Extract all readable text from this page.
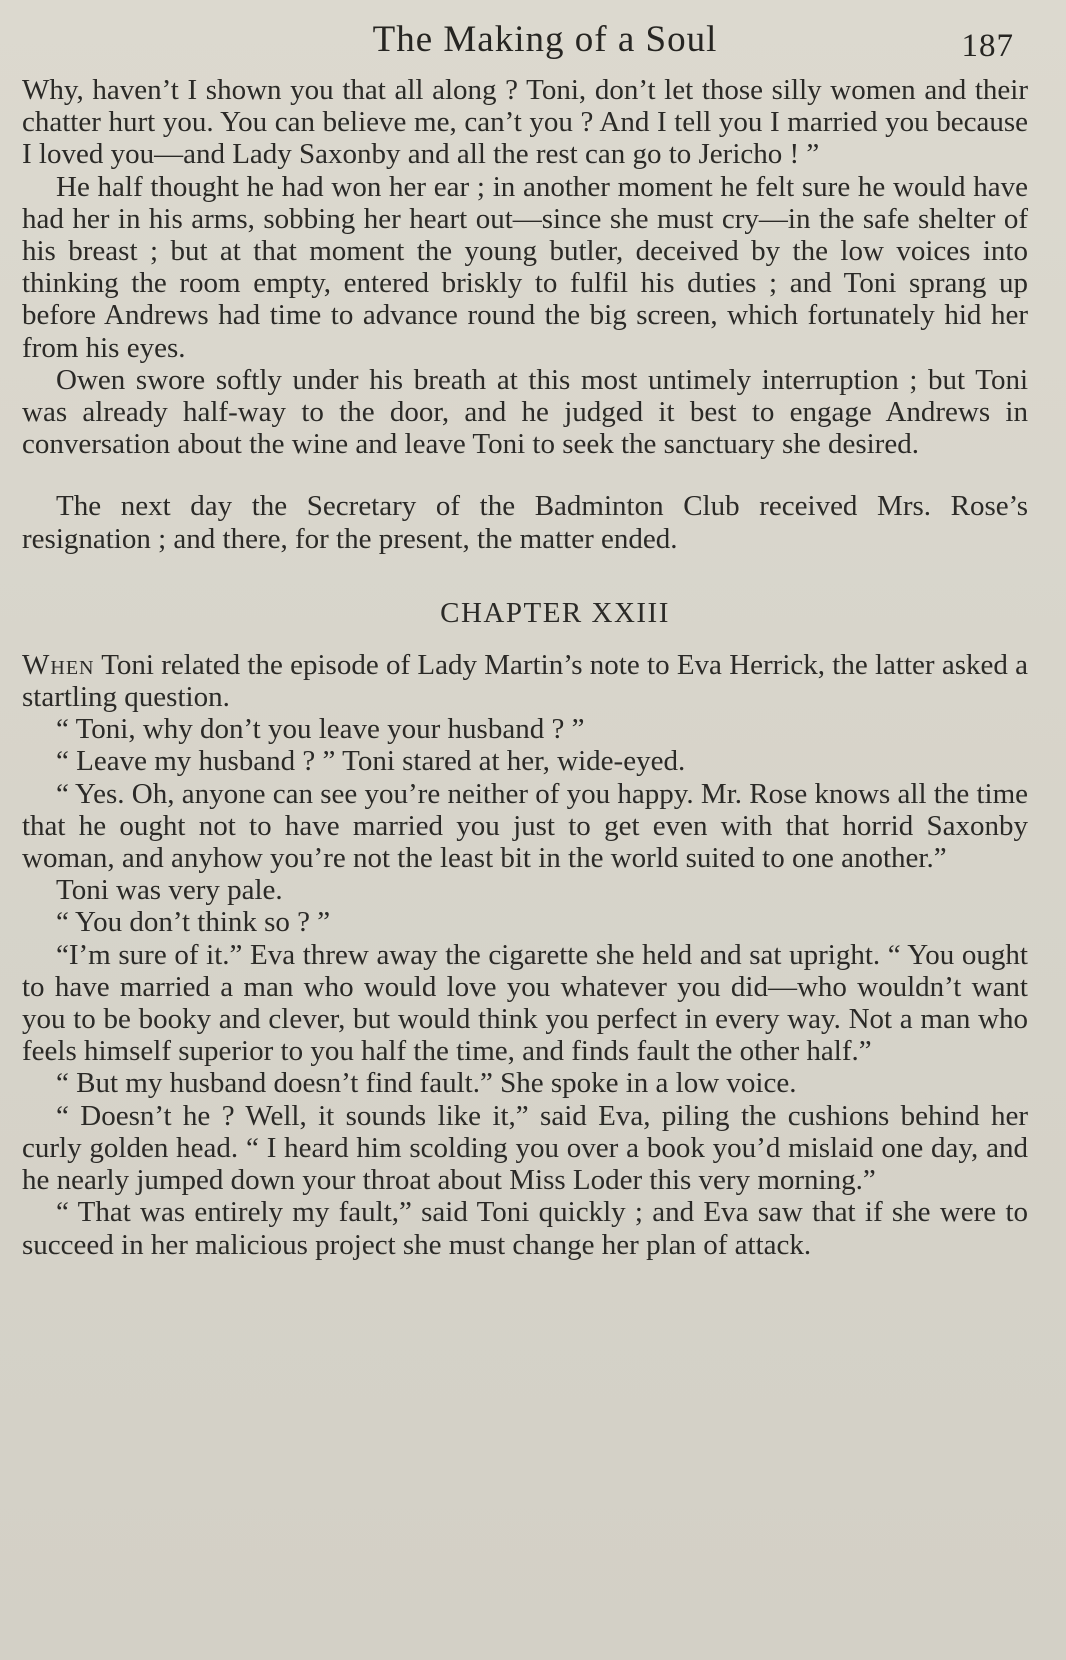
The Making of a Soul	187

Why, haven’t I shown you that all along ? Toni, don’t let those silly women and their chatter hurt you. You can believe me, can’t you ? And I tell you I married you because I loved you—and Lady Saxonby and all the rest can go to Jericho ! ”

He half thought he had won her ear ; in another moment he felt sure he would have had her in his arms, sobbing her heart out—since she must cry—in the safe shelter of his breast ; but at that moment the young butler, deceived by the low voices into thinking the room empty, entered briskly to fulfil his duties ; and Toni sprang up before Andrews had time to advance round the big screen, which fortunately hid her from his eyes.

Owen swore softly under his breath at this most untimely interruption ; but Toni was already half-way to the door, and he judged it best to engage Andrews in conversation about the wine and leave Toni to seek the sanctuary she desired.

The next day the Secretary of the Badminton Club received Mrs. Rose’s resignation ; and there, for the present, the matter ended.

CHAPTER XXIII

When Toni related the episode of Lady Martin’s note to Eva Herrick, the latter asked a startling question.

“ Toni, why don’t you leave your husband ? ”

“ Leave my husband ? ” Toni stared at her, wide-eyed.

“ Yes. Oh, anyone can see you’re neither of you happy. Mr. Rose knows all the time that he ought not to have married you just to get even with that horrid Saxonby woman, and anyhow you’re not the least bit in the world suited to one another.”

Toni was very pale.

“ You don’t think so ? ”

“I’m sure of it.” Eva threw away the cigarette she held and sat upright. “ You ought to have married a man who would love you whatever you did—who wouldn’t want you to be booky and clever, but would think you perfect in every way. Not a man who feels himself superior to you half the time, and finds fault the other half.”

“ But my husband doesn’t find fault.” She spoke in a low voice.

“ Doesn’t he ? Well, it sounds like it,” said Eva, piling the cushions behind her curly golden head. “ I heard him scolding you over a book you’d mislaid one day, and he nearly jumped down your throat about Miss Loder this very morning.”

“ That was entirely my fault,” said Toni quickly ; and Eva saw that if she were to succeed in her malicious project she must change her plan of attack.
